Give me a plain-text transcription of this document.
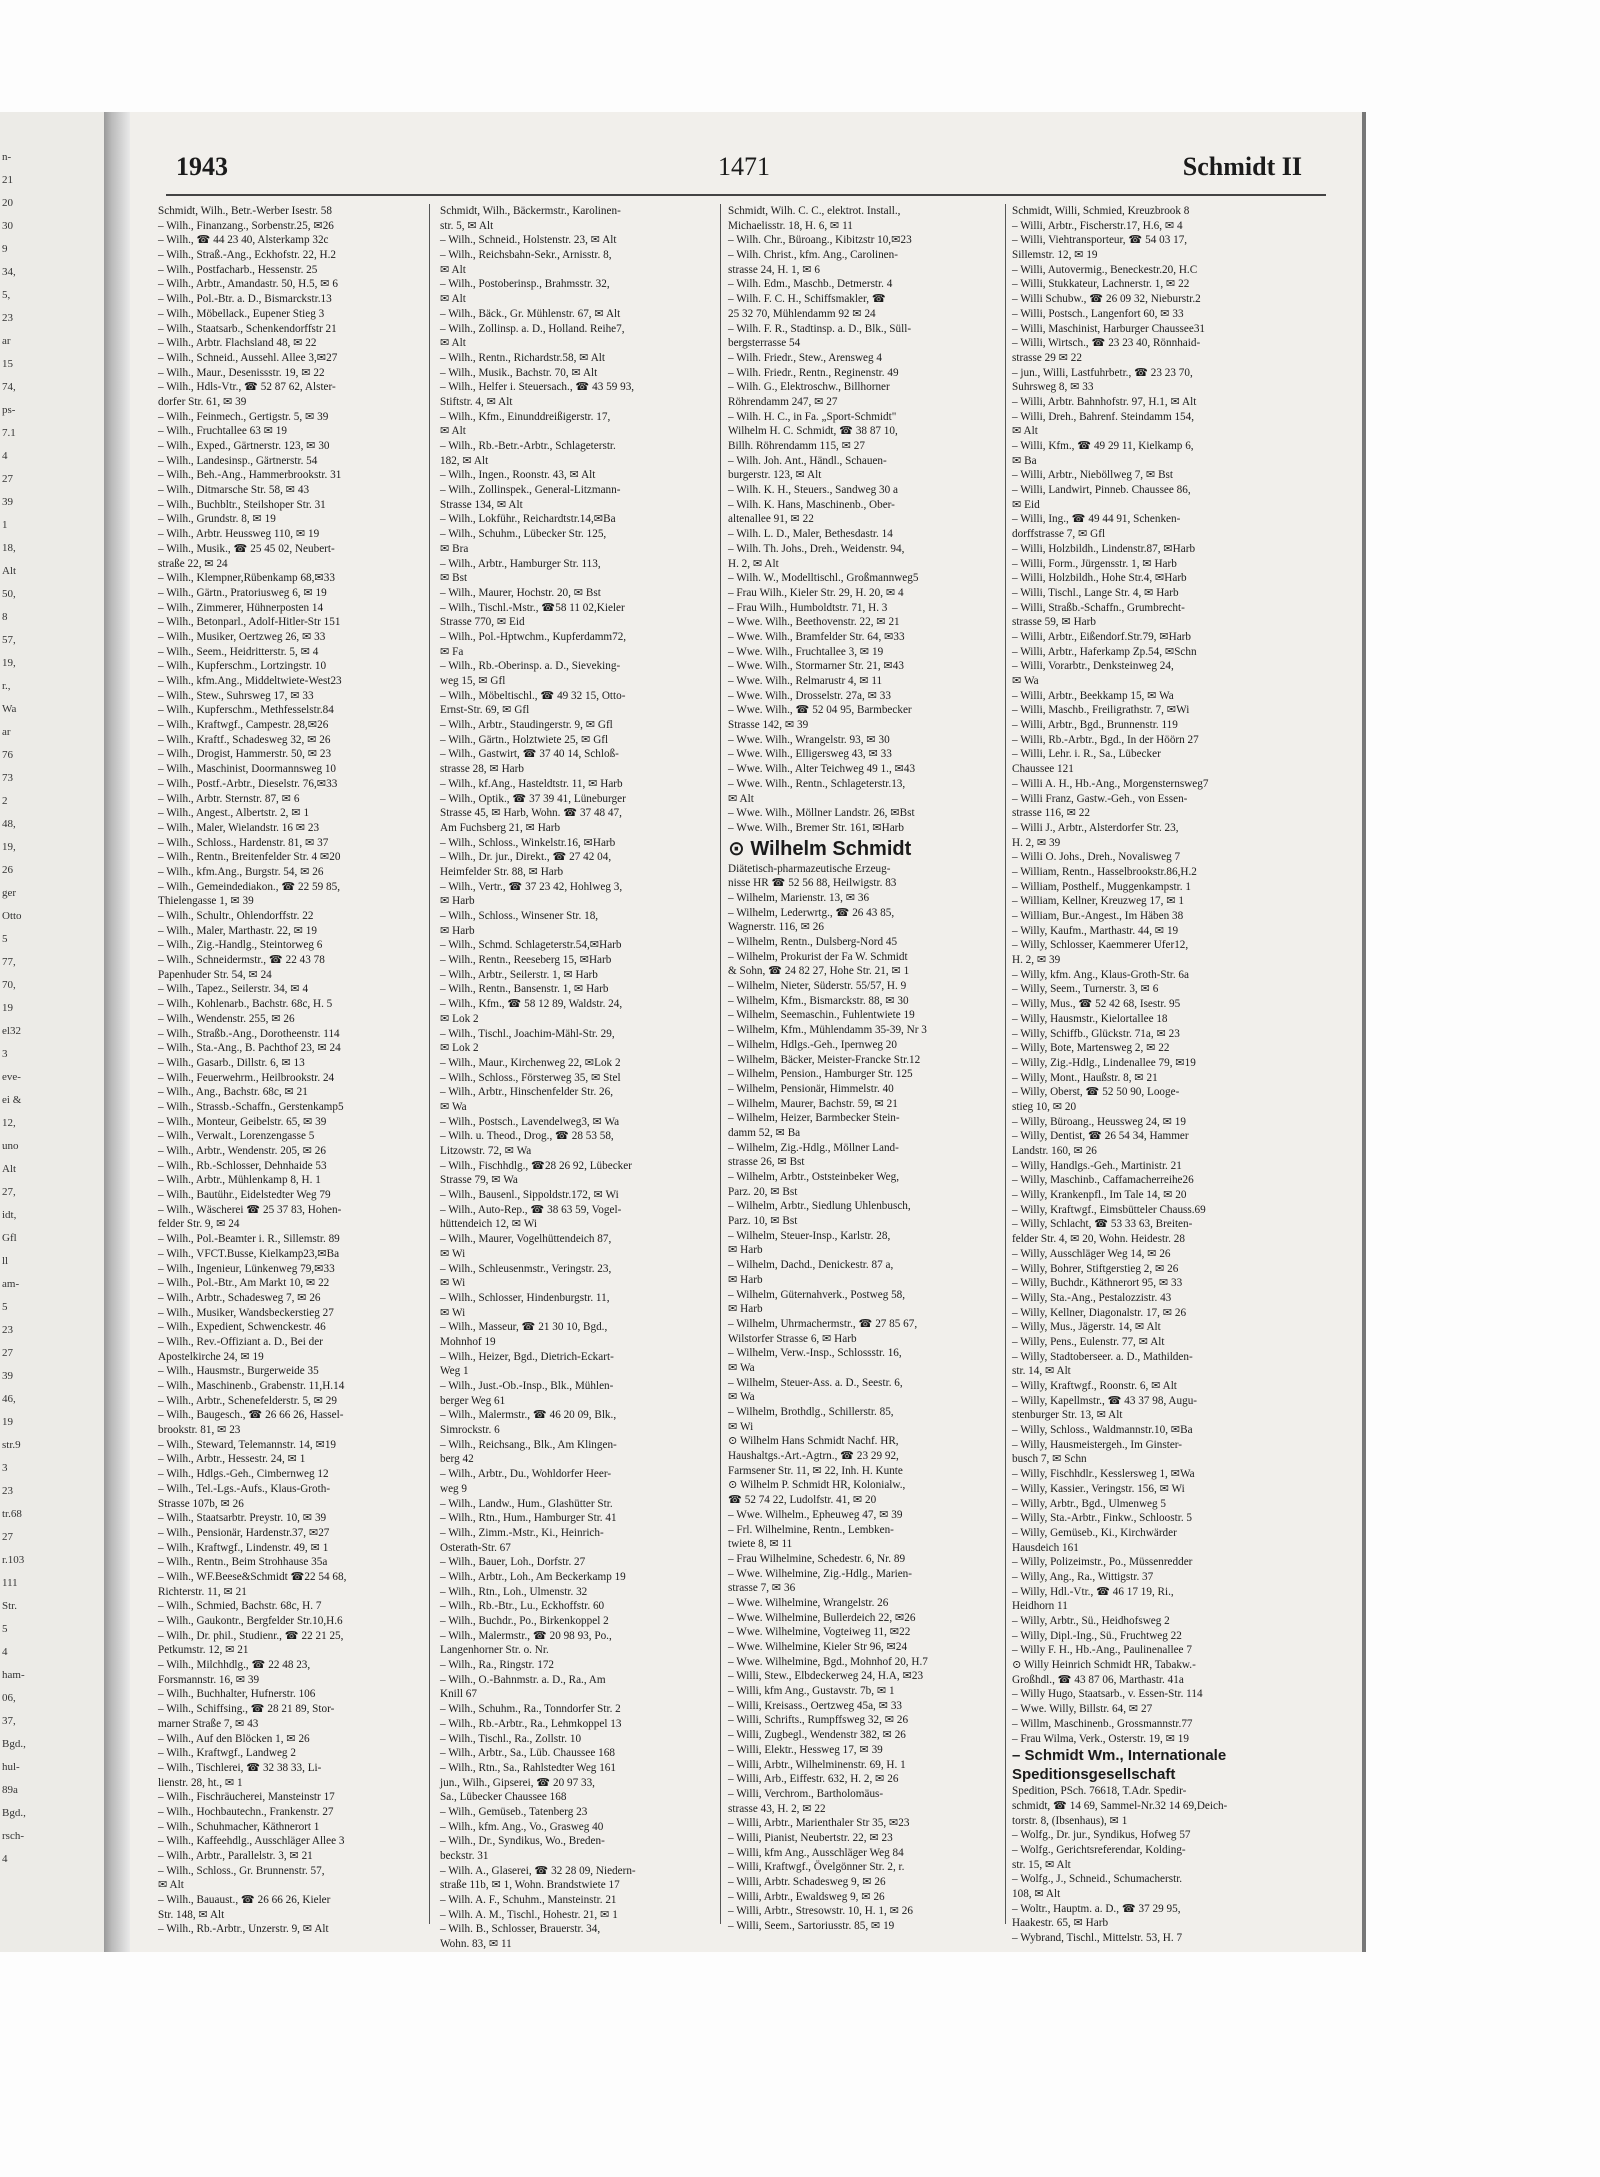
n-
21
20
30
9
34,
5,
23
ar
15
74,
ps-
7.1
4
27
39
1
18,
Alt
50,
8
57,
19,
r.,
Wa
ar
76
73
2
48,
19,
26
ger
Otto
5
77,
70,
19
el32
3
eve-
ei &
12,
uno
Alt
27,
idt,
Gfl
ll
am-
5
23
27
39
46,
19
str.9
3
23
tr.68
27
r.103
111
Str.
5
4
ham-
06,
37,
Bgd.,
hul-
89a
Bgd.,
rsch-
4
1943	1471	Schmidt II

Schmidt, Wilh., Betr.-Werber Isestr. 58

– Wilh., Finanzang., Sorbenstr.25, ✉26

– Wilh., ☎ 44 23 40, Alsterkamp 32c

– Wilh., Straß.-Ang., Eckhofstr. 22, H.2

– Wilh., Postfacharb., Hessenstr. 25

– Wilh., Arbtr., Amandastr. 50, H.5, ✉ 6

– Wilh., Pol.-Btr. a. D., Bismarckstr.13

– Wilh., Möbellack., Eupener Stieg 3

– Wilh., Staatsarb., Schenkendorffstr 21

– Wilh., Arbtr. Flachsland 48, ✉ 22

– Wilh., Schneid., Aussehl. Allee 3,✉27

– Wilh., Maur., Desenissstr. 19, ✉ 22

– Wilh., Hdls-Vtr., ☎ 52 87 62, Alster-

dorfer Str. 61, ✉ 39

– Wilh., Feinmech., Gertigstr. 5, ✉ 39

– Wilh., Fruchtallee 63 ✉ 19

– Wilh., Exped., Gärtnerstr. 123, ✉ 30

– Wilh., Landesinsp., Gärtnerstr. 54

– Wilh., Beh.-Ang., Hammerbrookstr. 31

– Wilh., Ditmarsche Str. 58, ✉ 43

– Wilh., Buchbltr., Steilshoper Str. 31

– Wilh., Grundstr. 8, ✉ 19

– Wilh., Arbtr. Heussweg 110, ✉ 19

– Wilh., Musik., ☎ 25 45 02, Neubert-

straße 22, ✉ 24

– Wilh., Klempner,Rübenkamp 68,✉33

– Wilh., Gärtn., Pratoriusweg 6, ✉ 19

– Wilh., Zimmerer, Hühnerposten 14

– Wilh., Betonparl., Adolf-Hitler-Str 151

– Wilh., Musiker, Oertzweg 26, ✉ 33

– Wilh., Seem., Heidritterstr. 5, ✉ 4

– Wilh., Kupferschm., Lortzingstr. 10

– Wilh., kfm.Ang., Middeltwiete-West23

– Wilh., Stew., Suhrsweg 17, ✉ 33

– Wilh., Kupferschm., Methfesselstr.84

– Wilh., Kraftwgf., Campestr. 28,✉26

– Wilh., Kraftf., Schadesweg 32, ✉ 26

– Wilh., Drogist, Hammerstr. 50, ✉ 23

– Wilh., Maschinist, Doormannsweg 10

– Wilh., Postf.-Arbtr., Dieselstr. 76,✉33

– Wilh., Arbtr. Sternstr. 87, ✉ 6

– Wilh., Angest., Albertstr. 2, ✉ 1

– Wilh., Maler, Wielandstr. 16 ✉ 23

– Wilh., Schloss., Hardenstr. 81, ✉ 37

– Wilh., Rentn., Breitenfelder Str. 4 ✉20

– Wilh., kfm.Ang., Burgstr. 54, ✉ 26

– Wilh., Gemeindediakon., ☎ 22 59 85,

Thielengasse 1, ✉ 39

– Wilh., Schultr., Ohlendorffstr. 22

– Wilh., Maler, Marthastr. 22, ✉ 19

– Wilh., Zig.-Handlg., Steintorweg 6

– Wilh., Schneidermstr., ☎ 22 43 78

Papenhuder Str. 54, ✉ 24

– Wilh., Tapez., Seilerstr. 34, ✉ 4

– Wilh., Kohlenarb., Bachstr. 68c, H. 5

– Wilh., Wendenstr. 255, ✉ 26

– Wilh., Straßb.-Ang., Dorotheenstr. 114

– Wilh., Sta.-Ang., B. Pachthof 23, ✉ 24

– Wilh., Gasarb., Dillstr. 6, ✉ 13

– Wilh., Feuerwehrm., Heilbrookstr. 24

– Wilh., Ang., Bachstr. 68c, ✉ 21

– Wilh., Strassb.-Schaffn., Gerstenkamp5

– Wilh., Monteur, Geibelstr. 65, ✉ 39

– Wilh., Verwalt., Lorenzengasse 5

– Wilh., Arbtr., Wendenstr. 205, ✉ 26

– Wilh., Rb.-Schlosser, Dehnhaide 53

– Wilh., Arbtr., Mühlenkamp 8, H. 1

– Wilh., Bautühr., Eidelstedter Weg 79

– Wilh., Wäscherei ☎ 25 37 83, Hohen-

felder Str. 9, ✉ 24

– Wilh., Pol.-Beamter i. R., Sillemstr. 89

– Wilh., VFCT.Busse, Kielkamp23,✉Ba

– Wilh., Ingenieur, Lünkenweg 79,✉33

– Wilh., Pol.-Btr., Am Markt 10, ✉ 22

– Wilh., Arbtr., Schadesweg 7, ✉ 26

– Wilh., Musiker, Wandsbeckerstieg 27

– Wilh., Expedient, Schwenckestr. 46

– Wilh., Rev.-Offiziant a. D., Bei der

Apostelkirche 24, ✉ 19

– Wilh., Hausmstr., Burgerweide 35

– Wilh., Maschinenb., Grabenstr. 11,H.14

– Wilh., Arbtr., Schenefelderstr. 5, ✉ 29

– Wilh., Baugesch., ☎ 26 66 26, Hassel-

brookstr. 81, ✉ 23

– Wilh., Steward, Telemannstr. 14, ✉19

– Wilh., Arbtr., Hessestr. 24, ✉ 1

– Wilh., Hdlgs.-Geh., Cimbernweg 12

– Wilh., Tel.-Lgs.-Aufs., Klaus-Groth-

Strasse 107b, ✉ 26

– Wilh., Staatsarbtr. Preystr. 10, ✉ 39

– Wilh., Pensionär, Hardenstr.37, ✉27

– Wilh., Kraftwgf., Lindenstr. 49, ✉ 1

– Wilh., Rentn., Beim Strohhause 35a

– Wilh., WF.Beese&Schmidt ☎22 54 68,

Richterstr. 11, ✉ 21

– Wilh., Schmied, Bachstr. 68c, H. 7

– Wilh., Gaukontr., Bergfelder Str.10,H.6

– Wilh., Dr. phil., Studienr., ☎ 22 21 25,

Petkumstr. 12, ✉ 21

– Wilh., Milchhdlg., ☎ 22 48 23,

Forsmannstr. 16, ✉ 39

– Wilh., Buchhalter, Hufnerstr. 106

– Wilh., Schiffsing., ☎ 28 21 89, Stor-

marner Straße 7, ✉ 43

– Wilh., Auf den Blöcken 1, ✉ 26

– Wilh., Kraftwgf., Landweg 2

– Wilh., Tischlerei, ☎ 32 38 33, Li-

lienstr. 28, ht., ✉ 1

– Wilh., Fischräucherei, Mansteinstr 17

– Wilh., Hochbautechn., Frankenstr. 27

– Wilh., Schuhmacher, Käthnerort 1

– Wilh., Kaffeehdlg., Ausschläger Allee 3

– Wilh., Arbtr., Parallelstr. 3, ✉ 21

– Wilh., Schloss., Gr. Brunnenstr. 57,

✉ Alt

– Wilh., Bauaust., ☎ 26 66 26, Kieler

Str. 148, ✉ Alt

– Wilh., Rb.-Arbtr., Unzerstr. 9, ✉ Alt

Schmidt, Wilh., Bäckermstr., Karolinen-

str. 5, ✉ Alt

– Wilh., Schneid., Holstenstr. 23, ✉ Alt

– Wilh., Reichsbahn-Sekr., Arnisstr. 8,

✉ Alt

– Wilh., Postoberinsp., Brahmsstr. 32,

✉ Alt

– Wilh., Bäck., Gr. Mühlenstr. 67, ✉ Alt

– Wilh., Zollinsp. a. D., Holland. Reihe7,

✉ Alt

– Wilh., Rentn., Richardstr.58, ✉ Alt

– Wilh., Musik., Bachstr. 70, ✉ Alt

– Wilh., Helfer i. Steuersach., ☎ 43 59 93,

Stiftstr. 4, ✉ Alt

– Wilh., Kfm., Einunddreißigerstr. 17,

✉ Alt

– Wilh., Rb.-Betr.-Arbtr., Schlageterstr.

182, ✉ Alt

– Wilh., Ingen., Roonstr. 43, ✉ Alt

– Wilh., Zollinspek., General-Litzmann-

Strasse 134, ✉ Alt

– Wilh., Lokführ., Reichardtstr.14,✉Ba

– Wilh., Schuhm., Lübecker Str. 125,

✉ Bra

– Wilh., Arbtr., Hamburger Str. 113,

✉ Bst

– Wilh., Maurer, Hochstr. 20, ✉ Bst

– Wilh., Tischl.-Mstr., ☎58 11 02,Kieler

Strasse 770, ✉ Eid

– Wilh., Pol.-Hptwchm., Kupferdamm72,

✉ Fa

– Wilh., Rb.-Oberinsp. a. D., Sieveking-

weg 15, ✉ Gfl

– Wilh., Möbeltischl., ☎ 49 32 15, Otto-

Ernst-Str. 69, ✉ Gfl

– Wilh., Arbtr., Staudingerstr. 9, ✉ Gfl

– Wilh., Gärtn., Holztwiete 25, ✉ Gfl

– Wilh., Gastwirt, ☎ 37 40 14, Schloß-

strasse 28, ✉ Harb

– Wilh., kf.Ang., Hasteldtstr. 11, ✉ Harb

– Wilh., Optik., ☎ 37 39 41, Lüneburger

Strasse 45, ✉ Harb, Wohn. ☎ 37 48 47,

Am Fuchsberg 21, ✉ Harb

– Wilh., Schloss., Winkelstr.16, ✉Harb

– Wilh., Dr. jur., Direkt., ☎ 27 42 04,

Heimfelder Str. 88, ✉ Harb

– Wilh., Vertr., ☎ 37 23 42, Hohlweg 3,

✉ Harb

– Wilh., Schloss., Winsener Str. 18,

✉ Harb

– Wilh., Schmd. Schlageterstr.54,✉Harb

– Wilh., Rentn., Reeseberg 15, ✉Harb

– Wilh., Arbtr., Seilerstr. 1, ✉ Harb

– Wilh., Rentn., Bansenstr. 1, ✉ Harb

– Wilh., Kfm., ☎ 58 12 89, Waldstr. 24,

✉ Lok 2

– Wilh., Tischl., Joachim-Mähl-Str. 29,

✉ Lok 2

– Wilh., Maur., Kirchenweg 22, ✉Lok 2

– Wilh., Schloss., Försterweg 35, ✉ Stel

– Wilh., Arbtr., Hinschenfelder Str. 26,

✉ Wa

– Wilh., Postsch., Lavendelweg3, ✉ Wa

– Wilh. u. Theod., Drog., ☎ 28 53 58,

Litzowstr. 72, ✉ Wa

– Wilh., Fischhdlg., ☎28 26 92, Lübecker

Strasse 79, ✉ Wa

– Wilh., Bausenl., Sippoldstr.172, ✉ Wi

– Wilh., Auto-Rep., ☎ 38 63 59, Vogel-

hüttendeich 12, ✉ Wi

– Wilh., Maurer, Vogelhüttendeich 87,

✉ Wi

– Wilh., Schleusenmstr., Veringstr. 23,

✉ Wi

– Wilh., Schlosser, Hindenburgstr. 11,

✉ Wi

– Wilh., Masseur, ☎ 21 30 10, Bgd.,

Mohnhof 19

– Wilh., Heizer, Bgd., Dietrich-Eckart-

Weg 1

– Wilh., Just.-Ob.-Insp., Blk., Mühlen-

berger Weg 61

– Wilh., Malermstr., ☎ 46 20 09, Blk.,

Simrockstr. 6

– Wilh., Reichsang., Blk., Am Klingen-

berg 42

– Wilh., Arbtr., Du., Wohldorfer Heer-

weg 9

– Wilh., Landw., Hum., Glashütter Str.

– Wilh., Rtn., Hum., Hamburger Str. 41

– Wilh., Zimm.-Mstr., Ki., Heinrich-

Osterath-Str. 67

– Wilh., Bauer, Loh., Dorfstr. 27

– Wilh., Arbtr., Loh., Am Beckerkamp 19

– Wilh., Rtn., Loh., Ulmenstr. 32

– Wilh., Rb.-Btr., Lu., Eckhoffstr. 60

– Wilh., Buchdr., Po., Birkenkoppel 2

– Wilh., Malermstr., ☎ 20 98 93, Po.,

Langenhorner Str. o. Nr.

– Wilh., Ra., Ringstr. 172

– Wilh., O.-Bahnmstr. a. D., Ra., Am

Knill 67

– Wilh., Schuhm., Ra., Tonndorfer Str. 2

– Wilh., Rb.-Arbtr., Ra., Lehmkoppel 13

– Wilh., Tischl., Ra., Zollstr. 10

– Wilh., Arbtr., Sa., Lüb. Chaussee 168

– Wilh., Rtn., Sa., Rahlstedter Weg 161

jun., Wilh., Gipserei, ☎ 20 97 33,

Sa., Lübecker Chaussee 168

– Wilh., Gemüseb., Tatenberg 23

– Wilh., kfm. Ang., Vo., Grasweg 40

– Wilh., Dr., Syndikus, Wo., Breden-

beckstr. 31

– Wilh. A., Glaserei, ☎ 32 28 09, Niedern-

straße 11b, ✉ 1, Wohn. Brandstwiete 17

– Wilh. A. F., Schuhm., Mansteinstr. 21

– Wilh. A. M., Tischl., Hohestr. 21, ✉ 1

– Wilh. B., Schlosser, Brauerstr. 34,

Wohn. 83, ✉ 11

Schmidt, Wilh. C. C., elektrot. Install.,

Michaelisstr. 18, H. 6, ✉ 11

– Wilh. Chr., Büroang., Kibitzstr 10,✉23

– Wilh. Christ., kfm. Ang., Carolinen-

strasse 24, H. 1, ✉ 6

– Wilh. Edm., Maschb., Detmerstr. 4

– Wilh. F. C. H., Schiffsmakler, ☎

25 32 70, Mühlendamm 92 ✉ 24

– Wilh. F. R., Stadtinsp. a. D., Blk., Süll-

bergsterrasse 54

– Wilh. Friedr., Stew., Arensweg 4

– Wilh. Friedr., Rentn., Reginenstr. 49

– Wilh. G., Elektroschw., Billhorner

Röhrendamm 247, ✉ 27

– Wilh. H. C., in Fa. „Sport-Schmidt"

Wilhelm H. C. Schmidt, ☎ 38 87 10,

Billh. Röhrendamm 115, ✉ 27

– Wilh. Joh. Ant., Händl., Schauen-

burgerstr. 123, ✉ Alt

– Wilh. K. H., Steuers., Sandweg 30 a

– Wilh. K. Hans, Maschinenb., Ober-

altenallee 91, ✉ 22

– Wilh. L. D., Maler, Bethesdastr. 14

– Wilh. Th. Johs., Dreh., Weidenstr. 94,

H. 2, ✉ Alt

– Wilh. W., Modelltischl., Großmannweg5

– Frau Wilh., Kieler Str. 29, H. 20, ✉ 4

– Frau Wilh., Humboldtstr. 71, H. 3

– Wwe. Wilh., Beethovenstr. 22, ✉ 21

– Wwe. Wilh., Bramfelder Str. 64, ✉33

– Wwe. Wilh., Fruchtallee 3, ✉ 19

– Wwe. Wilh., Stormarner Str. 21, ✉43

– Wwe. Wilh., Relmarustr 4, ✉ 11

– Wwe. Wilh., Drosselstr. 27a, ✉ 33

– Wwe. Wilh., ☎ 52 04 95, Barmbecker

Strasse 142, ✉ 39

– Wwe. Wilh., Wrangelstr. 93, ✉ 30

– Wwe. Wilh., Elligersweg 43, ✉ 33

– Wwe. Wilh., Alter Teichweg 49 1., ✉43

– Wwe. Wilh., Rentn., Schlageterstr.13,

✉ Alt

– Wwe. Wilh., Möllner Landstr. 26, ✉Bst

– Wwe. Wilh., Bremer Str. 161, ✉Harb

⊙ Wilhelm Schmidt

Diätetisch-pharmazeutische Erzeug-

nisse HR ☎ 52 56 88, Heilwigstr. 83

– Wilhelm, Marienstr. 13, ✉ 36

– Wilhelm, Lederwrtg., ☎ 26 43 85,

Wagnerstr. 116, ✉ 26

– Wilhelm, Rentn., Dulsberg-Nord 45

– Wilhelm, Prokurist der Fa W. Schmidt

& Sohn, ☎ 24 82 27, Hohe Str. 21, ✉ 1

– Wilhelm, Nieter, Süderstr. 55/57, H. 9

– Wilhelm, Kfm., Bismarckstr. 88, ✉ 30

– Wilhelm, Seemaschin., Fuhlentwiete 19

– Wilhelm, Kfm., Mühlendamm 35-39, Nr 3

– Wilhelm, Hdlgs.-Geh., Ipernweg 20

– Wilhelm, Bäcker, Meister-Francke Str.12

– Wilhelm, Pension., Hamburger Str. 125

– Wilhelm, Pensionär, Himmelstr. 40

– Wilhelm, Maurer, Bachstr. 59, ✉ 21

– Wilhelm, Heizer, Barmbecker Stein-

damm 52, ✉ Ba

– Wilhelm, Zig.-Hdlg., Möllner Land-

strasse 26, ✉ Bst

– Wilhelm, Arbtr., Oststeinbeker Weg,

Parz. 20, ✉ Bst

– Wilhelm, Arbtr., Siedlung Uhlenbusch,

Parz. 10, ✉ Bst

– Wilhelm, Steuer-Insp., Karlstr. 28,

✉ Harb

– Wilhelm, Dachd., Denickestr. 87 a,

✉ Harb

– Wilhelm, Güternahverk., Postweg 58,

✉ Harb

– Wilhelm, Uhrmachermstr., ☎ 27 85 67,

Wilstorfer Strasse 6, ✉ Harb

– Wilhelm, Verw.-Insp., Schlossstr. 16,

✉ Wa

– Wilhelm, Steuer-Ass. a. D., Seestr. 6,

✉ Wa

– Wilhelm, Brothdlg., Schillerstr. 85,

✉ Wi

⊙ Wilhelm Hans Schmidt Nachf. HR,

Haushaltgs.-Art.-Agtrn., ☎ 23 29 92,

Farmsener Str. 11, ✉ 22, Inh. H. Kunte

⊙ Wilhelm P. Schmidt HR, Kolonialw.,

☎ 52 74 22, Ludolfstr. 41, ✉ 20

– Wwe. Wilhelm., Epheuweg 47, ✉ 39

– Frl. Wilhelmine, Rentn., Lembken-

twiete 8, ✉ 11

– Frau Wilhelmine, Schedestr. 6, Nr. 89

– Wwe. Wilhelmine, Zig.-Hdlg., Marien-

strasse 7, ✉ 36

– Wwe. Wilhelmine, Wrangelstr. 26

– Wwe. Wilhelmine, Bullerdeich 22, ✉26

– Wwe. Wilhelmine, Vogteiweg 11, ✉22

– Wwe. Wilhelmine, Kieler Str 96, ✉24

– Wwe. Wilhelmine, Bgd., Mohnhof 20, H.7

– Willi, Stew., Elbdeckerweg 24, H.A, ✉23

– Willi, kfm Ang., Gustavstr. 7b, ✉ 1

– Willi, Kreisass., Oertzweg 45a, ✉ 33

– Willi, Schrifts., Rumpffsweg 32, ✉ 26

– Willi, Zugbegl., Wendenstr 382, ✉ 26

– Willi, Elektr., Hessweg 17, ✉ 39

– Willi, Arbtr., Wilhelminenstr. 69, H. 1

– Willi, Arb., Eiffestr. 632, H. 2, ✉ 26

– Willi, Verchrom., Bartholomäus-

strasse 43, H. 2, ✉ 22

– Willi, Arbtr., Marienthaler Str 35, ✉23

– Willi, Pianist, Neubertstr. 22, ✉ 23

– Willi, kfm Ang., Ausschläger Weg 84

– Willi, Kraftwgf., Övelgönner Str. 2, r.

– Willi, Arbtr. Schadesweg 9, ✉ 26

– Willi, Arbtr., Ewaldsweg 9, ✉ 26

– Willi, Arbtr., Stresowstr. 10, H. 1, ✉ 26

– Willi, Seem., Sartoriusstr. 85, ✉ 19

Schmidt, Willi, Schmied, Kreuzbrook 8

– Willi, Arbtr., Fischerstr.17, H.6, ✉ 4

– Willi, Viehtransporteur, ☎ 54 03 17,

Sillemstr. 12, ✉ 19

– Willi, Autovermig., Beneckestr.20, H.C

– Willi, Stukkateur, Lachnerstr. 1, ✉ 22

– Willi Schubw., ☎ 26 09 32, Nieburstr.2

– Willi, Postsch., Langenfort 60, ✉ 33

– Willi, Maschinist, Harburger Chaussee31

– Willi, Wirtsch., ☎ 23 23 40, Rönnhaid-

strasse 29 ✉ 22

– jun., Willi, Lastfuhrbetr., ☎ 23 23 70,

Suhrsweg 8, ✉ 33

– Willi, Arbtr. Bahnhofstr. 97, H.1, ✉ Alt

– Willi, Dreh., Bahrenf. Steindamm 154,

✉ Alt

– Willi, Kfm., ☎ 49 29 11, Kielkamp 6,

✉ Ba

– Willi, Arbtr., Nieböllweg 7, ✉ Bst

– Willi, Landwirt, Pinneb. Chaussee 86,

✉ Eid

– Willi, Ing., ☎ 49 44 91, Schenken-

dorffstrasse 7, ✉ Gfl

– Willi, Holzbildh., Lindenstr.87, ✉Harb

– Willi, Form., Jürgensstr. 1, ✉ Harb

– Willi, Holzbildh., Hohe Str.4, ✉Harb

– Willi, Tischl., Lange Str. 4, ✉ Harb

– Willi, Straßb.-Schaffn., Grumbrecht-

strasse 59, ✉ Harb

– Willi, Arbtr., Eißendorf.Str.79, ✉Harb

– Willi, Arbtr., Haferkamp Zp.54, ✉Schn

– Willi, Vorarbtr., Denksteinweg 24,

✉ Wa

– Willi, Arbtr., Beekkamp 15, ✉ Wa

– Willi, Maschb., Freiligrathstr. 7, ✉Wi

– Willi, Arbtr., Bgd., Brunnenstr. 119

– Willi, Rb.-Arbtr., Bgd., In der Höörn 27

– Willi, Lehr. i. R., Sa., Lübecker

Chaussee 121

– Willi A. H., Hb.-Ang., Morgensternsweg7

– Willi Franz, Gastw.-Geh., von Essen-

strasse 116, ✉ 22

– Willi J., Arbtr., Alsterdorfer Str. 23,

H. 2, ✉ 39

– Willi O. Johs., Dreh., Novalisweg 7

– William, Rentn., Hasselbrookstr.86,H.2

– William, Posthelf., Muggenkampstr. 1

– William, Kellner, Kreuzweg 17, ✉ 1

– William, Bur.-Angest., Im Häben 38

– Willy, Kaufm., Marthastr. 44, ✉ 19

– Willy, Schlosser, Kaemmerer Ufer12,

H. 2, ✉ 39

– Willy, kfm. Ang., Klaus-Groth-Str. 6a

– Willy, Seem., Turnerstr. 3, ✉ 6

– Willy, Mus., ☎ 52 42 68, Isestr. 95

– Willy, Hausmstr., Kielortallee 18

– Willy, Schiffb., Glückstr. 71a, ✉ 23

– Willy, Bote, Martensweg 2, ✉ 22

– Willy, Zig.-Hdlg., Lindenallee 79, ✉19

– Willy, Mont., Haußstr. 8, ✉ 21

– Willy, Oberst, ☎ 52 50 90, Looge-

stieg 10, ✉ 20

– Willy, Büroang., Heussweg 24, ✉ 19

– Willy, Dentist, ☎ 26 54 34, Hammer

Landstr. 160, ✉ 26

– Willy, Handlgs.-Geh., Martinistr. 21

– Willy, Maschinb., Caffamacherreihe26

– Willy, Krankenpfl., Im Tale 14, ✉ 20

– Willy, Kraftwgf., Eimsbütteler Chauss.69

– Willy, Schlacht, ☎ 53 33 63, Breiten-

felder Str. 4, ✉ 20, Wohn. Heidestr. 28

– Willy, Ausschläger Weg 14, ✉ 26

– Willy, Bohrer, Stiftgerstieg 2, ✉ 26

– Willy, Buchdr., Käthnerort 95, ✉ 33

– Willy, Sta.-Ang., Pestalozzistr. 43

– Willy, Kellner, Diagonalstr. 17, ✉ 26

– Willy, Mus., Jägerstr. 14, ✉ Alt

– Willy, Pens., Eulenstr. 77, ✉ Alt

– Willy, Stadtoberseer. a. D., Mathilden-

str. 14, ✉ Alt

– Willy, Kraftwgf., Roonstr. 6, ✉ Alt

– Willy, Kapellmstr., ☎ 43 37 98, Augu-

stenburger Str. 13, ✉ Alt

– Willy, Schloss., Waldmannstr.10, ✉Ba

– Willy, Hausmeistergeh., Im Ginster-

busch 7, ✉ Schn

– Willy, Fischhdlr., Kesslersweg 1, ✉Wa

– Willy, Kassier., Veringstr. 156, ✉ Wi

– Willy, Arbtr., Bgd., Ulmenweg 5

– Willy, Sta.-Arbtr., Finkw., Schloostr. 5

– Willy, Gemüseb., Ki., Kirchwärder

Hausdeich 161

– Willy, Polizeimstr., Po., Müssenredder

– Willy, Ang., Ra., Wittigstr. 37

– Willy, Hdl.-Vtr., ☎ 46 17 19, Ri.,

Heidhorn 11

– Willy, Arbtr., Sü., Heidhofsweg 2

– Willy, Dipl.-Ing., Sü., Fruchtweg 22

– Willy F. H., Hb.-Ang., Paulinenallee 7

⊙ Willy Heinrich Schmidt HR, Tabakw.-

Großhdl., ☎ 43 87 06, Marthastr. 41a

– Willy Hugo, Staatsarb., v. Essen-Str. 114

– Wwe. Willy, Billstr. 64, ✉ 27

– Willm, Maschinenb., Grossmannstr.77

– Frau Wilma, Verk., Osterstr. 19, ✉ 19

– Schmidt Wm., Internationale

Speditionsgesellschaft

Spedition, PSch. 76618, T.Adr. Spedir-

schmidt, ☎ 14 69, Sammel-Nr.32 14 69,Deich-

torstr. 8, (Ibsenhaus), ✉ 1

– Wolfg., Dr. jur., Syndikus, Hofweg 57

– Wolfg., Gerichtsreferendar, Kolding-

str. 15, ✉ Alt

– Wolfg., J., Schneid., Schumacherstr.

108, ✉ Alt

– Woltr., Hauptm. a. D., ☎ 37 29 95,

Haakestr. 65, ✉ Harb

– Wybrand, Tischl., Mittelstr. 53, H. 7
